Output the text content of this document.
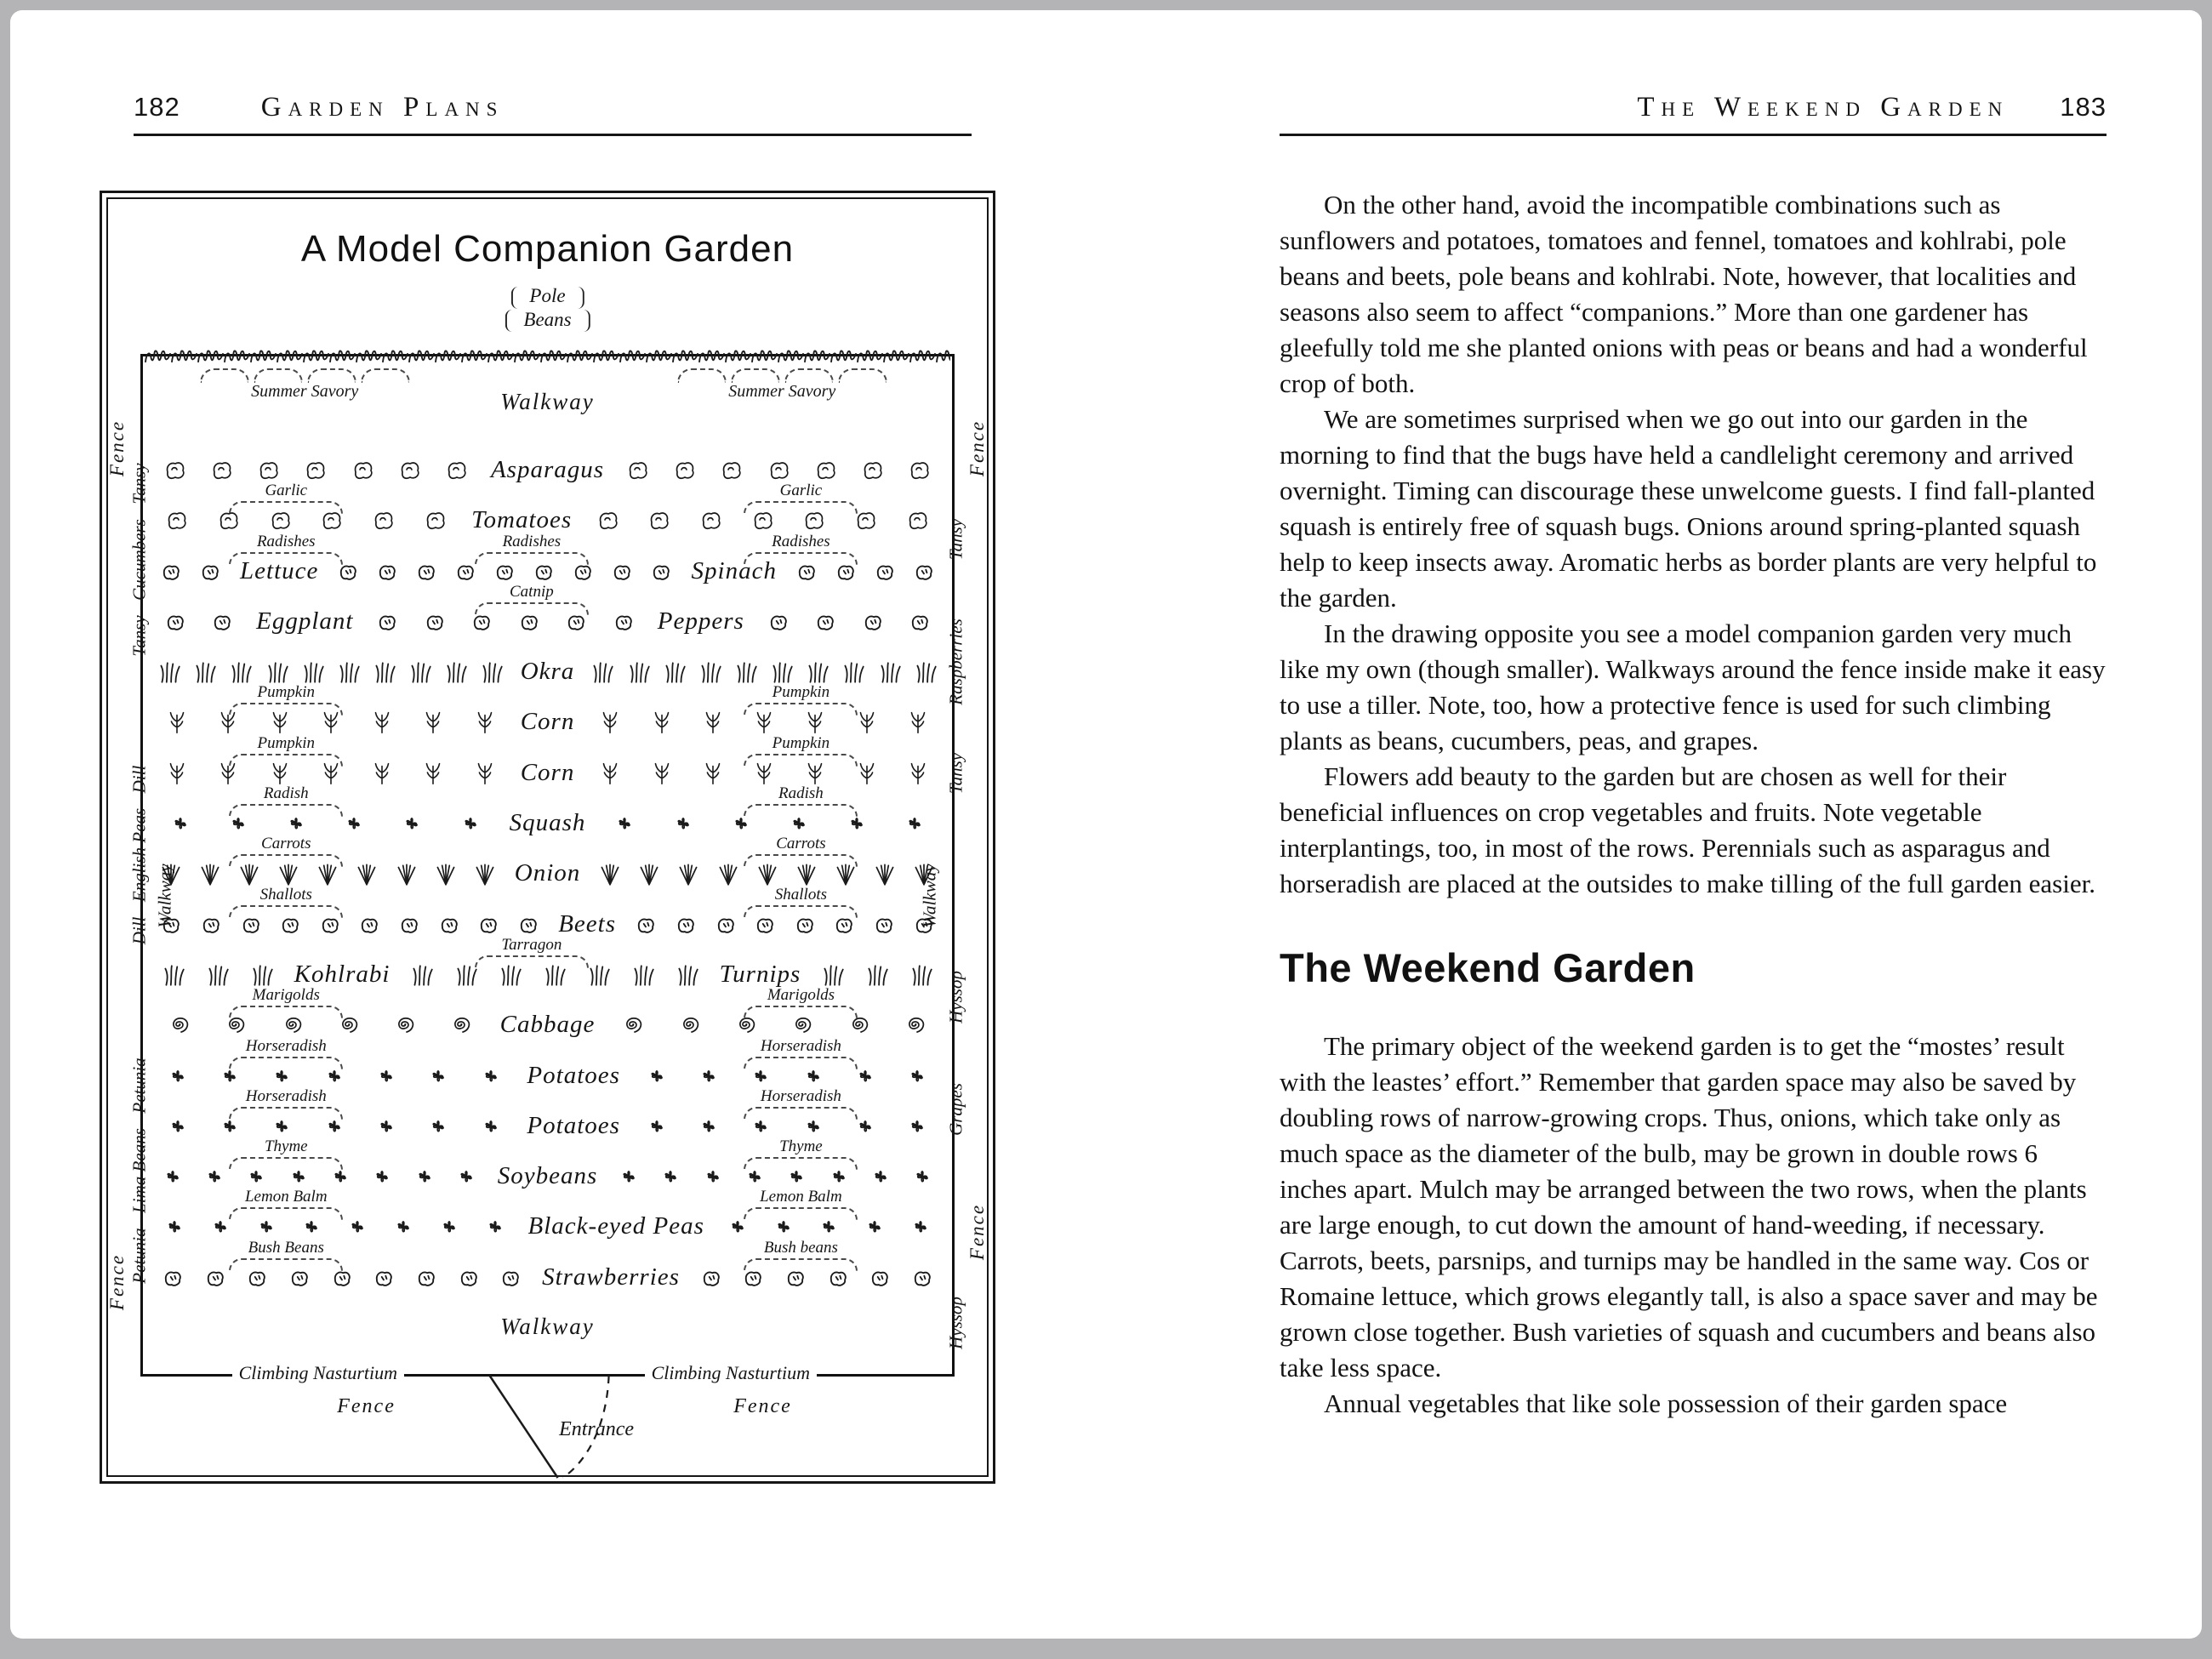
182	Garden Plans
A Model Companion Garden
Pole
Beans
Summer Savory	Walkway	Summer Savory
Asparagus
Garlic	Garlic
Tomatoes
Radishes	Radishes	Radishes
Lettuce	Spinach
Catnip
Eggplant	Peppers
Okra
Pumpkin	Pumpkin
Corn
Pumpkin	Pumpkin
Corn
Radish	Radish
Squash
Carrots	Carrots
Onion
Shallots	Shallots
Beets
Tarragon
Kohlrabi	Turnips
Marigolds	Marigolds
Cabbage
Horseradish	Horseradish
Potatoes
Horseradish	Horseradish
Potatoes
Thyme	Thyme
Soybeans
Lemon Balm	Lemon Balm
Black-eyed Peas
Bush Beans	Bush beans
Strawberries
Walkway
Climbing Nasturtium	Climbing Nasturtium
Fence	Fence
Entrance
Fence
Tansy - Cucumbers - Tansy
Dill - English Peas - Dill Walkway
Petunia - Lima Beans - Petunia
Fence
Fence
Tansy
Raspberries
Tansy
Walkway
Hyssop
Grapes
Fence
Hyssop
The Weekend Garden 183

On the other hand, avoid the incompatible combinations such as sunflowers and potatoes, tomatoes and fennel, tomatoes and kohlrabi, pole beans and beets, pole beans and kohlrabi. Note, however, that localities and seasons also seem to affect “companions.” More than one gardener has gleefully told me she planted onions with peas or beans and had a wonderful crop of both.

We are sometimes surprised when we go out into our garden in the morning to find that the bugs have held a candlelight ceremony and arrived overnight. Timing can discourage these unwelcome guests. I find fall-planted squash is entirely free of squash bugs. Onions around spring-planted squash help to keep insects away. Aromatic herbs as border plants are very helpful to the garden.

In the drawing opposite you see a model companion garden very much like my own (though smaller). Walkways around the fence inside make it easy to use a tiller. Note, too, how a protective fence is used for such climbing plants as beans, cucumbers, peas, and grapes.

Flowers add beauty to the garden but are chosen as well for their beneficial influences on crop vegetables and fruits. Note vegetable interplantings, too, in most of the rows. Perennials such as asparagus and horseradish are placed at the outsides to make tilling of the full garden easier.

The Weekend Garden

The primary object of the weekend garden is to get the “mostes’ result with the leastes’ effort.” Remember that garden space may also be saved by doubling rows of narrow-growing crops. Thus, onions, which take only as much space as the diameter of the bulb, may be grown in double rows 6 inches apart. Mulch may be arranged between the two rows, when the plants are large enough, to cut down the amount of hand-weeding, if necessary. Carrots, beets, parsnips, and turnips may be handled in the same way. Cos or Romaine lettuce, which grows elegantly tall, is also a space saver and may be grown close together. Bush varieties of squash and cucumbers and beans also take less space.

Annual vegetables that like sole possession of their garden space
